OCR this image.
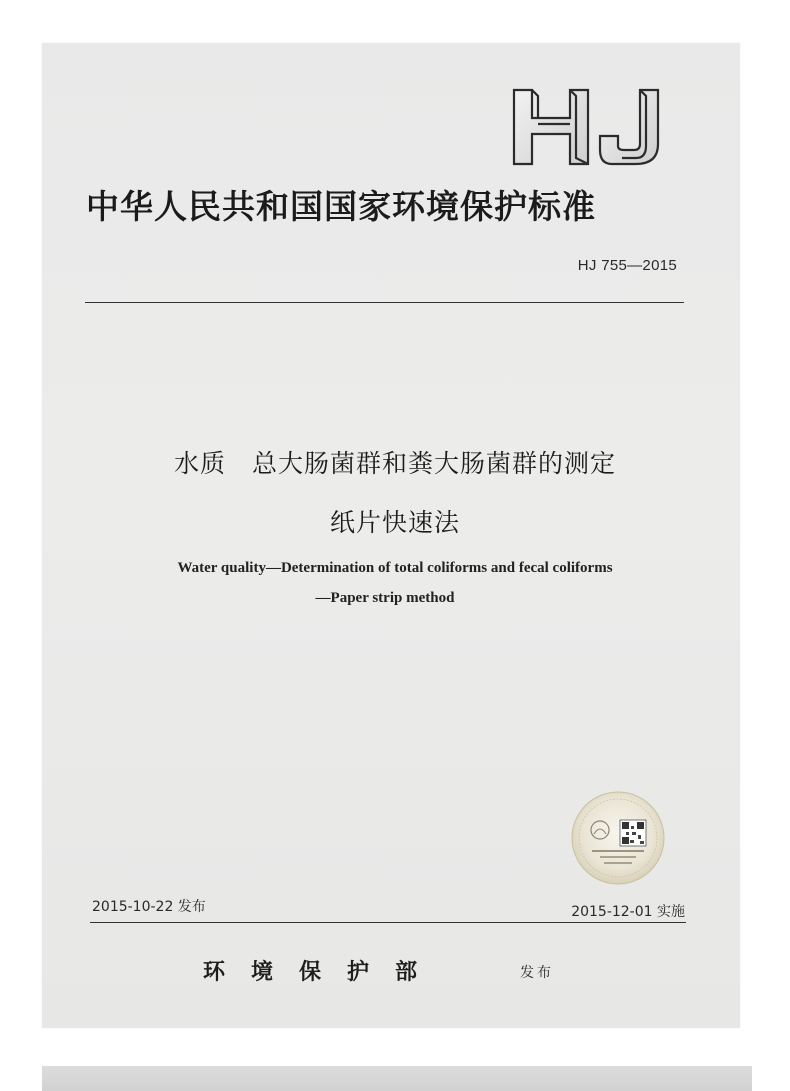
中华人民共和国国家环境保护标准
HJ 755—2015
水质　总大肠菌群和粪大肠菌群的测定
纸片快速法
Water quality—Determination of total coliforms and fecal coliforms
—Paper strip method
2015-10-22 发布	2015-12-01 实施
环境保护部	发布
